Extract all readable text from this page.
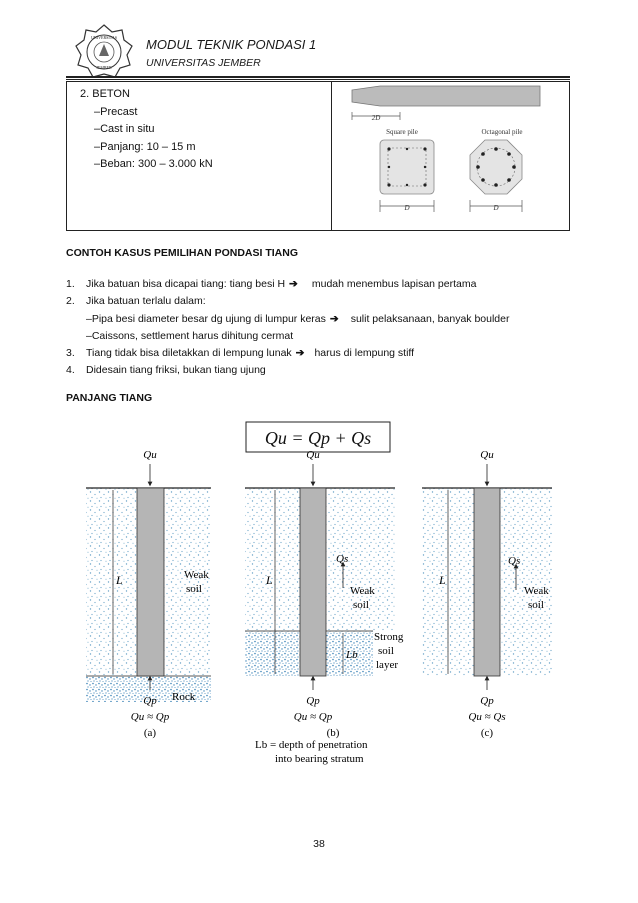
UNIVERSITAS
JEMBER
MODUL TEKNIK PONDASI 1
UNIVERSITAS JEMBER
2. BETON
–Precast
–Cast in situ
–Panjang: 10 – 15 m
–Beban: 300 – 3.000 kN
2D
Square pile	Octagonal pile
D	D
CONTOH KASUS PEMILIHAN PONDASI TIANG
1.	Jika batuan bisa dicapai tiang: tiang besi H ➔ mudah menembus lapisan pertama
2.	Jika batuan terlalu dalam:
–Pipa besi diameter besar dg ujung di lumpur keras ➔ sulit pelaksanaan, banyak boulder
–Caissons, settlement harus dihitung cermat
3.	Tiang tidak bisa diletakkan di lempung lunak ➔ harus di lempung stiff
4.	Didesain tiang friksi, bukan tiang ujung
PANJANG TIANG
Qu = Qp + Qs
Qu
L	Weak
soil
Rock
Qp
Qu ≈ Qp
(a)
Qu
L
Qs
Weak
soil
Lb
Strong
soil
layer
Qp
Qu ≈ Qp
(b)
Lb = depth of penetration
into bearing stratum
Qu
L
Qs
Weak
soil
Qp
Qu ≈ Qs
(c)
38
